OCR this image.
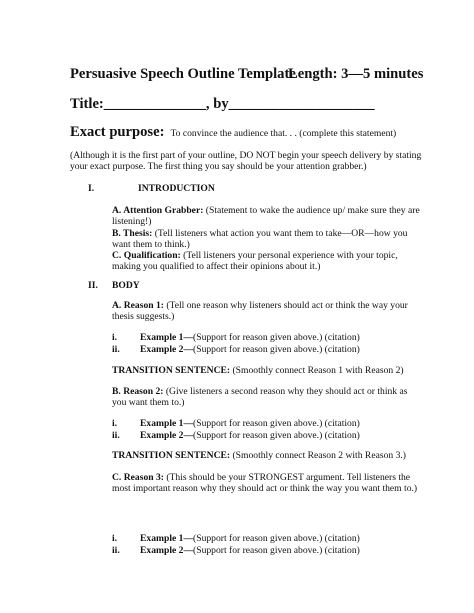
Persuasive Speech Outline Template
Length: 3—5 minutes
Title:______________, by____________________
Exact purpose: To convince the audience that. . . (complete this statement)
(Although it is the first part of your outline, DO NOT begin your speech delivery by stating your exact purpose. The first thing you say should be your attention grabber.)
I.	INTRODUCTION
A. Attention Grabber: (Statement to wake the audience up/ make sure they are listening!)
B. Thesis: (Tell listeners what action you want them to take—OR—how you want them to think.)
C. Qualification: (Tell listeners your personal experience with your topic, making you qualified to affect their opinions about it.)
II. BODY
A. Reason 1: (Tell one reason why listeners should act or think the way your thesis suggests.)
i. Example 1—(Support for reason given above.) (citation)
ii. Example 2—(Support for reason given above.) (citation)
TRANSITION SENTENCE: (Smoothly connect Reason 1 with Reason 2)
B. Reason 2: (Give listeners a second reason why they should act or think as you want them to.)
i. Example 1—(Support for reason given above.) (citation)
ii. Example 2—(Support for reason given above.) (citation)
TRANSITION SENTENCE: (Smoothly connect Reason 2 with Reason 3.)
C. Reason 3: (This should be your STRONGEST argument. Tell listeners the most important reason why they should act or think the way you want them to.)
i. Example 1—(Support for reason given above.) (citation)
ii. Example 2—(Support for reason given above.) (citation)
